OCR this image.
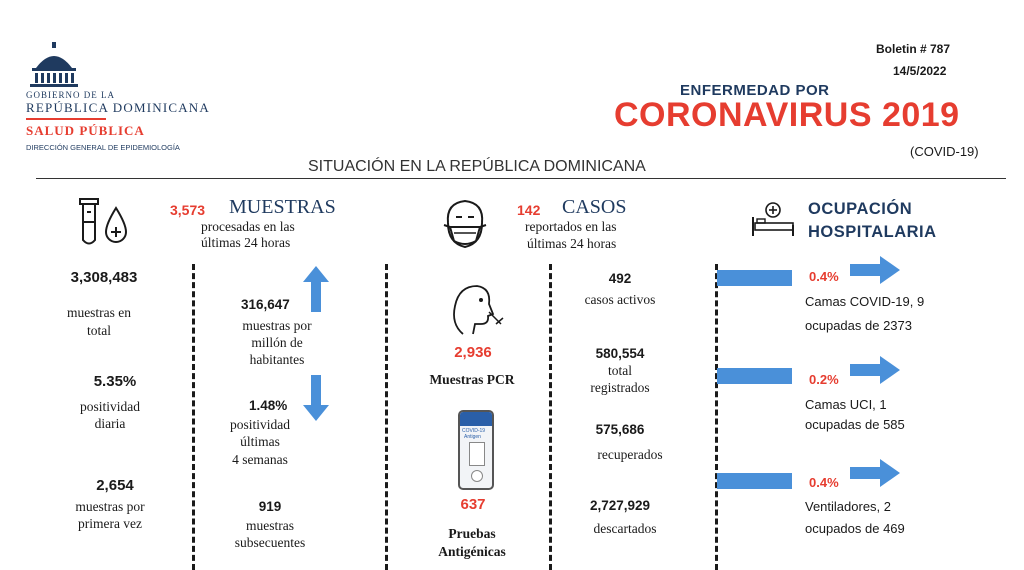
GOBIERNO DE LA
REPÚBLICA DOMINICANA
SALUD PÚBLICA
DIRECCIÓN GENERAL DE EPIDEMIOLOGÍA
Boletin # 787
14/5/2022
ENFERMEDAD POR
CORONAVIRUS 2019
(COVID-19)
SITUACIÓN EN LA REPÚBLICA DOMINICANA
3,573 MUESTRAS
procesadas en las
últimas 24 horas
3,308,483
muestras en
total
5.35%
positividad
diaria
2,654
muestras por
primera vez
316,647
muestras por
millón de
habitantes
1.48%
positividad
últimas
4 semanas
919
muestras
subsecuentes
142 CASOS
reportados en las
últimas 24 horas
2,936
Muestras PCR
COVID-19
Antigen
637
Pruebas
Antigénicas
492
casos activos
580,554
total
registrados
575,686
recuperados
2,727,929
descartados
OCUPACIÓN
HOSPITALARIA
0.4%
Camas COVID-19, 9
ocupadas de 2373
0.2%
Camas UCI, 1
ocupadas de 585
0.4%
Ventiladores, 2
ocupados de 469
